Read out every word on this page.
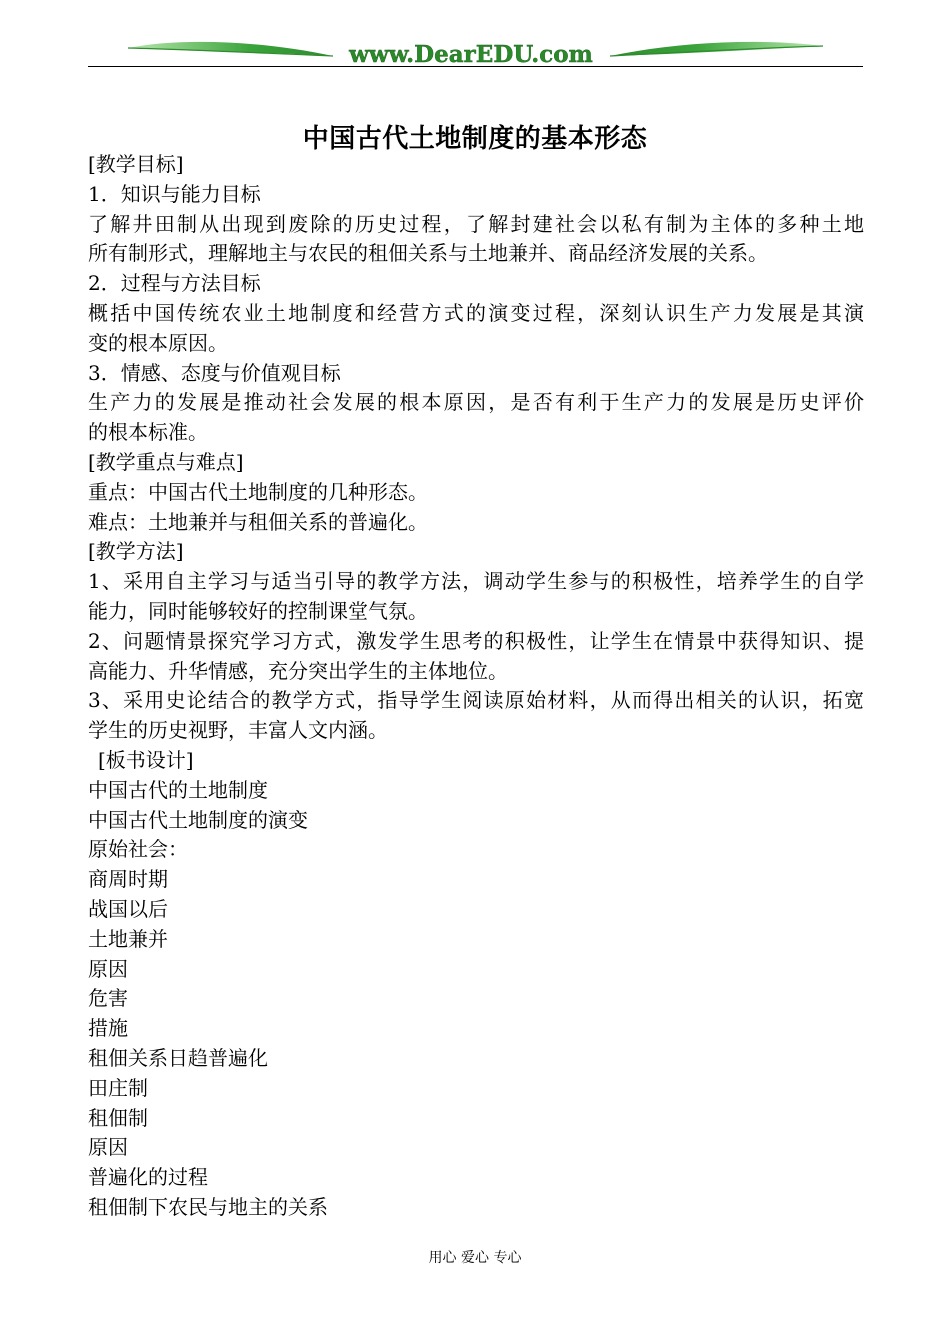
www.DearEDU.com
中国古代土地制度的基本形态
[教学目标]
1．知识与能力目标
了解井田制从出现到废除的历史过程，了解封建社会以私有制为主体的多种土地
所有制形式，理解地主与农民的租佃关系与土地兼并、商品经济发展的关系。
2．过程与方法目标
概括中国传统农业土地制度和经营方式的演变过程，深刻认识生产力发展是其演
变的根本原因。
3．情感、态度与价值观目标
生产力的发展是推动社会发展的根本原因，是否有利于生产力的发展是历史评价
的根本标准。
[教学重点与难点]
重点：中国古代土地制度的几种形态。
难点：土地兼并与租佃关系的普遍化。
[教学方法]
1、采用自主学习与适当引导的教学方法，调动学生参与的积极性，培养学生的自学
能力，同时能够较好的控制课堂气氛。
2、问题情景探究学习方式，激发学生思考的积极性，让学生在情景中获得知识、提
高能力、升华情感，充分突出学生的主体地位。
3、采用史论结合的教学方式，指导学生阅读原始材料，从而得出相关的认识，拓宽
学生的历史视野，丰富人文内涵。
[板书设计]
中国古代的土地制度
中国古代土地制度的演变
原始社会：
商周时期
战国以后
土地兼并
原因
危害
措施
租佃关系日趋普遍化
田庄制
租佃制
原因
普遍化的过程
租佃制下农民与地主的关系
用心 爱心 专心
